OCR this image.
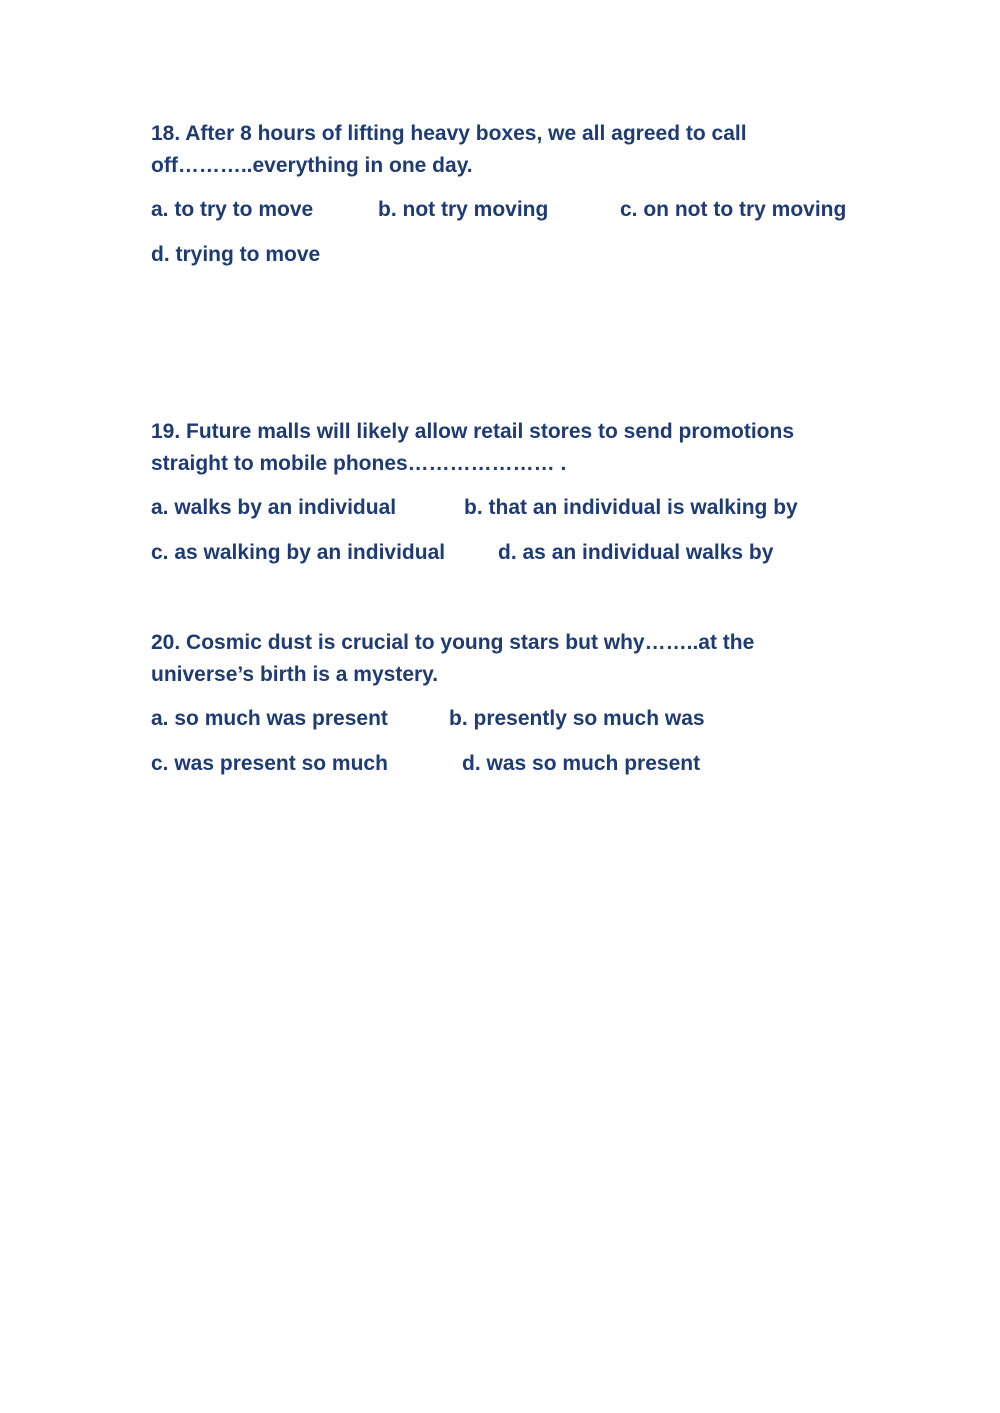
18. After 8 hours of lifting heavy boxes, we all agreed to call off………..everything in one day.

a. to try to move	b. not try moving	c. on not to try moving
d. trying to move

19. Future malls will likely allow retail stores to send promotions straight to mobile phones………………… .

a. walks by an individual	b. that an individual is walking by
c. as walking by an individual	d. as an individual walks by

20. Cosmic dust is crucial to young stars but why……..at the universe’s birth is a mystery.

a. so much was present	b. presently so much was
c. was present so much	d. was so much present
